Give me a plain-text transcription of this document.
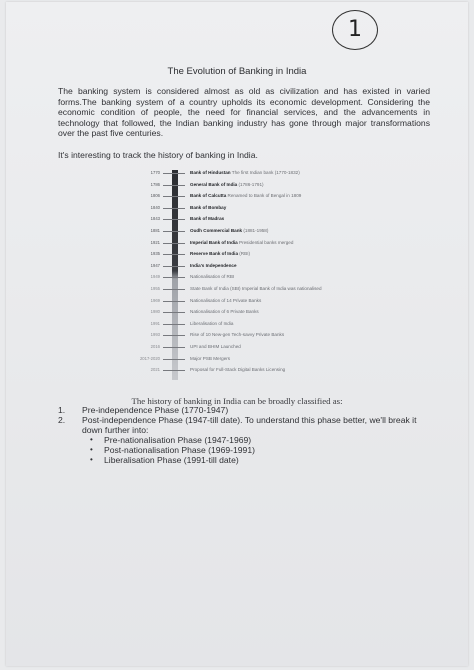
1
The Evolution of Banking in India
The banking system is considered almost as old as civilization and has existed in varied forms.The banking system of a country upholds its economic development. Considering the economic condition of people, the need for financial services, and the advancements in technology that followed, the Indian banking industry has gone through major transformations over the past five centuries.
It's interesting to track the history of banking in India.
1770	Bank of Hindustan The first Indian bank (1770-1832)
1786	General Bank of India (1786-1791)
1806	Bank of Calcutta Renamed to Bank of Bengal in 1809
1840	Bank of Bombay
1843	Bank of Madras
1881	Oudh Commercial Bank (1881-1958)
1921	Imperial Bank of India Presidential banks merged
1935	Reserve Bank of India (RBI)
1947	India's Independence
1949	Nationalisation of RBI
1955	State Bank of India (SBI) Imperial Bank of India was nationalised
1969	Nationalisation of 14 Private Banks
1980	Nationalisation of 6 Private Banks
1991	Liberalisation of India
1993	Rise of 10 New-gen Tech-savvy Private Banks
2016	UPI and BHIM Launched
2017-2020	Major PSB Mergers
2021	Proposal for Full-Stack Digital Banks Licensing
The history of banking in India can be broadly classified as:
1. Pre-independence Phase (1770-1947)
2. Post-independence Phase (1947-till date). To understand this phase better, we'll break it down further into:
• Pre-nationalisation Phase (1947-1969)
• Post-nationalisation Phase (1969-1991)
• Liberalisation Phase (1991-till date)
